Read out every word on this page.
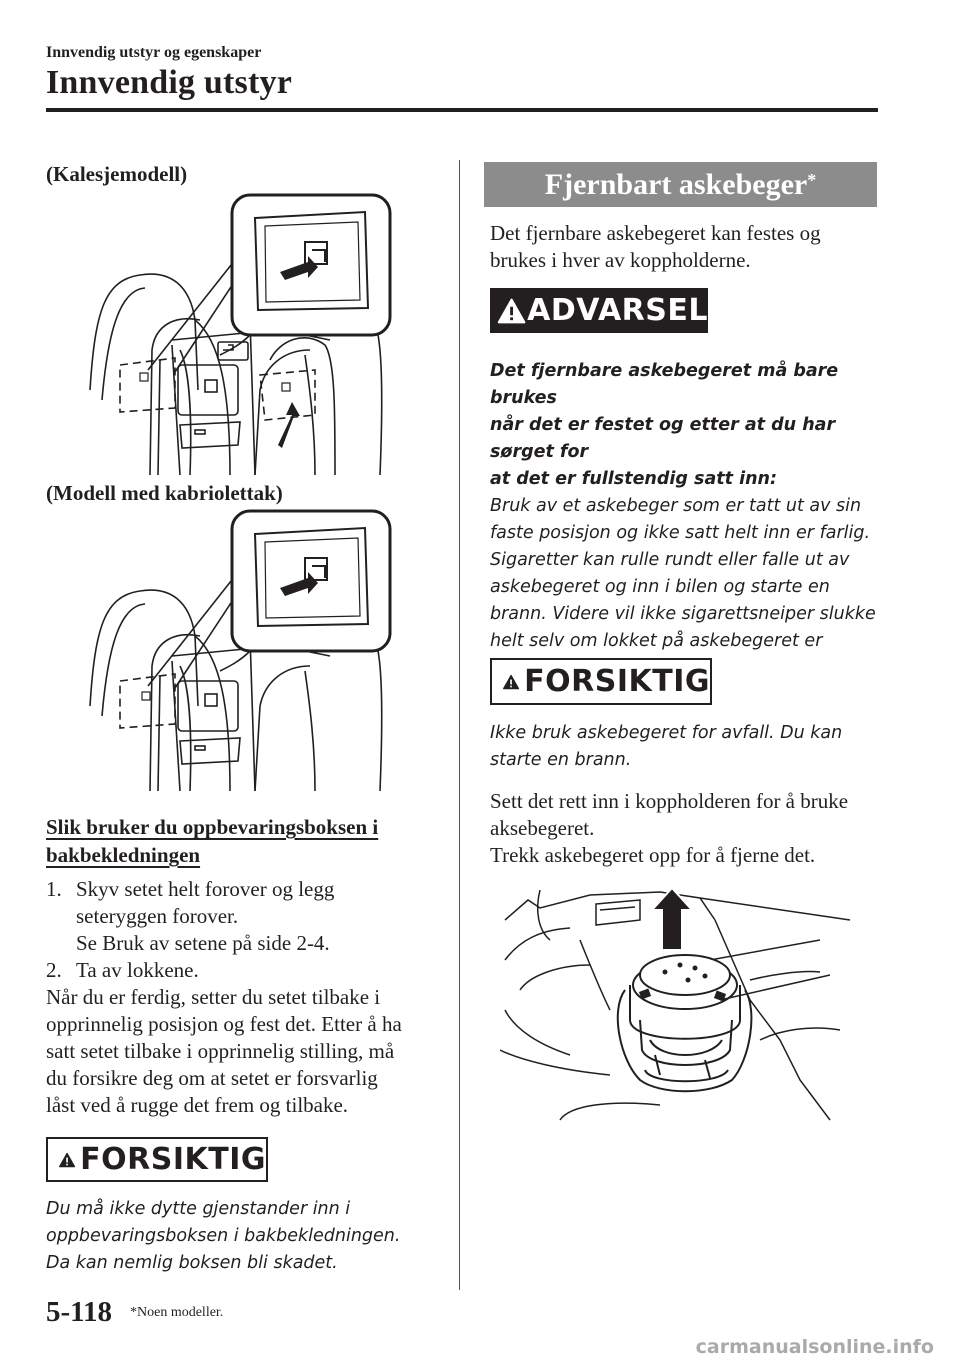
Innvendig utstyr og egenskaper
Innvendig utstyr
(Kalesjemodell)
(Modell med kabriolettak)
Slik bruker du oppbevaringsboksen i
bakbekledningen
1. Skyv setet helt forover og legg
seteryggen forover.
Se Bruk av setene på side 2-4.
2. Ta av lokkene.
Når du er ferdig, setter du setet tilbake i
opprinnelig posisjon og fest det. Etter å ha
satt setet tilbake i opprinnelig stilling, må
du forsikre deg om at setet er forsvarlig
låst ved å rugge det frem og tilbake.
FORSIKTIG
Du må ikke dytte gjenstander inn i
oppbevaringsboksen i bakbekledningen.
Da kan nemlig boksen bli skadet.
Fjernbart askebeger*
Det fjernbare askebegeret kan festes og
brukes i hver av koppholderne.
ADVARSEL
Det fjernbare askebegeret må bare brukes
når det er festet og etter at du har sørget for
at det er fullstendig satt inn:
Bruk av et askebeger som er tatt ut av sin
faste posisjon og ikke satt helt inn er farlig.
Sigaretter kan rulle rundt eller falle ut av
askebegeret og inn i bilen og starte en
brann. Videre vil ikke sigarettsneiper slukke
helt selv om lokket på askebegeret er
FORSIKTIG
Ikke bruk askebegeret for avfall. Du kan
starte en brann.
Sett det rett inn i koppholderen for å bruke
aksebegeret.
Trekk askebegeret opp for å fjerne det.
5-118 *Noen modeller.
carmanualsonline.info
